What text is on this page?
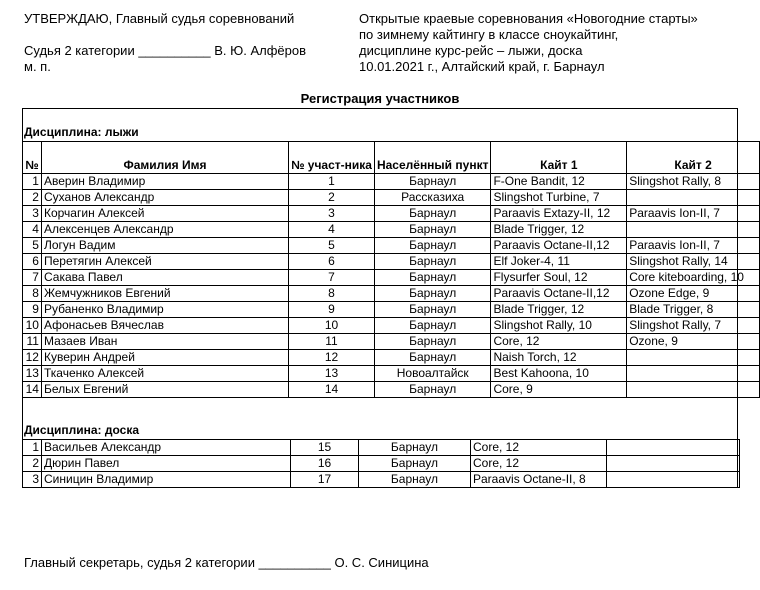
УТВЕРЖДАЮ, Главный судья соревнований
Судья 2 категории __________ В. Ю. Алфёров
м. п.
Открытые краевые соревнования «Новогодние старты»
по зимнему кайтингу в классе сноукайтинг,
дисциплине курс-рейс – лыжи, доска
10.01.2021 г., Алтайский край, г. Барнаул
Регистрация участников
Дисциплина: лыжи
№	Фамилия Имя	№ участ-ника	Населённый пункт	Кайт 1	Кайт 2
1	Аверин Владимир	1	Барнаул	F-One Bandit, 12	Slingshot Rally, 8
2	Суханов Александр	2	Рассказиха	Slingshot Turbine, 7	
3	Корчагин Алексей	3	Барнаул	Paraavis Extazy-II, 12	Paraavis Ion-II, 7
4	Алексенцев Александр	4	Барнаул	Blade Trigger, 12	
5	Логун Вадим	5	Барнаул	Paraavis Octane-II,12	Paraavis Ion-II, 7
6	Перетягин Алексей	6	Барнаул	Elf Joker-4, 11	Slingshot Rally, 14
7	Сакава Павел	7	Барнаул	Flysurfer Soul, 12	Core kiteboarding, 10
8	Жемчужников Евгений	8	Барнаул	Paraavis Octane-II,12	Ozone Edge, 9
9	Рубаненко Владимир	9	Барнаул	Blade Trigger, 12	Blade Trigger, 8
10	Афонасьев Вячеслав	10	Барнаул	Slingshot Rally, 10	Slingshot Rally, 7
11	Мазаев Иван	11	Барнаул	Core, 12	Ozone, 9
12	Куверин Андрей	12	Барнаул	Naish Torch, 12	
13	Ткаченко Алексей	13	Новоалтайск	Best Kahoona, 10	
14	Белых Евгений	14	Барнаул	Core, 9	
Дисциплина: доска
1	Васильев Александр	15	Барнаул	Core, 12	
2	Дюрин Павел	16	Барнаул	Core, 12	
3	Синицин Владимир	17	Барнаул	Paraavis Octane-II, 8	
Главный секретарь, судья 2 категории __________ О. С. Синицина
